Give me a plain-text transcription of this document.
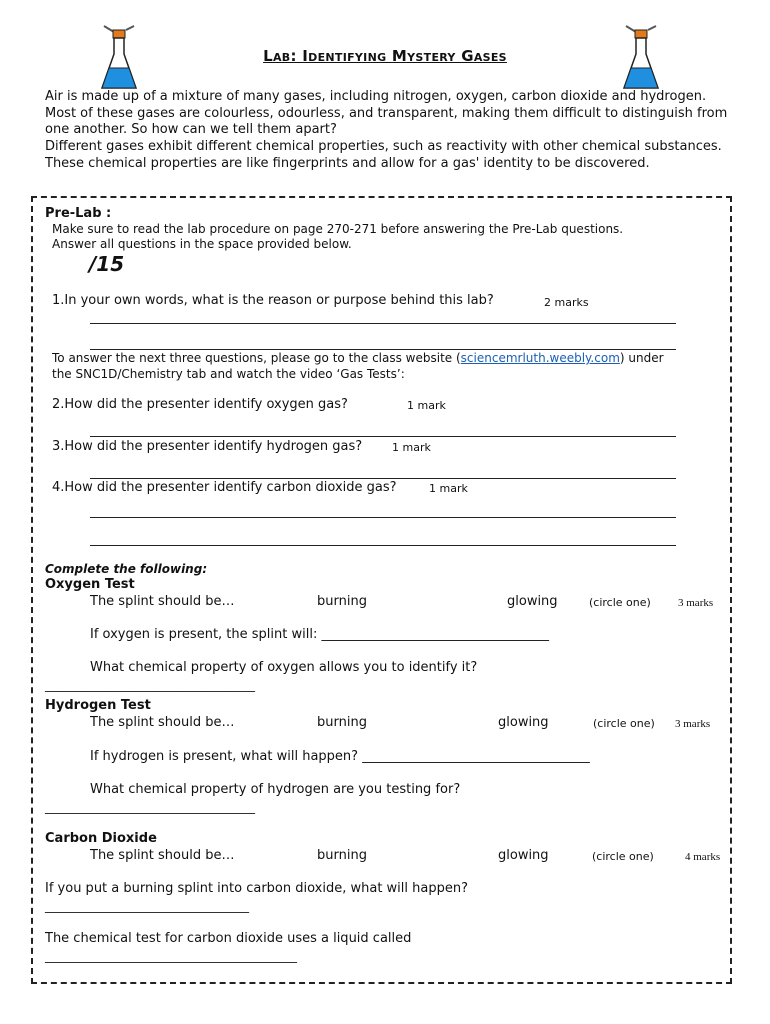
Lab: Identifying Mystery Gases

Air is made up of a mixture of many gases, including nitrogen, oxygen, carbon dioxide and hydrogen. Most of these gases are colourless, odourless, and transparent, making them difficult to distinguish from one another. So how can we tell them apart?

Different gases exhibit different chemical properties, such as reactivity with other chemical substances. These chemical properties are like fingerprints and allow for a gas' identity to be discovered.

Pre-Lab :
Make sure to read the lab procedure on page 270-271 before answering the Pre-Lab questions.
Answer all questions in the space provided below.
/15
1.In your own words, what is the reason or purpose behind this lab?	2 marks
To answer the next three questions, please go to the class website (sciencemrluth.weebly.com) under
the SNC1D/Chemistry tab and watch the video ‘Gas Tests’:
2.How did the presenter identify oxygen gas?	1 mark
3.How did the presenter identify hydrogen gas?	1 mark
4.How did the presenter identify carbon dioxide gas?	1 mark
Complete the following:
Oxygen Test
The splint should be…	burning	glowing	(circle one) 3 marks
If oxygen is present, the splint will: ___________________________________
What chemical property of oxygen allows you to identify it?
___________________________________
Hydrogen Test
The splint should be…	burning	glowing	(circle one) 3 marks
If hydrogen is present, what will happen? ___________________________________
What chemical property of hydrogen are you testing for?
___________________________________
Carbon Dioxide
The splint should be…	burning	glowing	(circle one)	4 marks
If you put a burning splint into carbon dioxide, what will happen?
__________________________________
The chemical test for carbon dioxide uses a liquid called
__________________________________________
